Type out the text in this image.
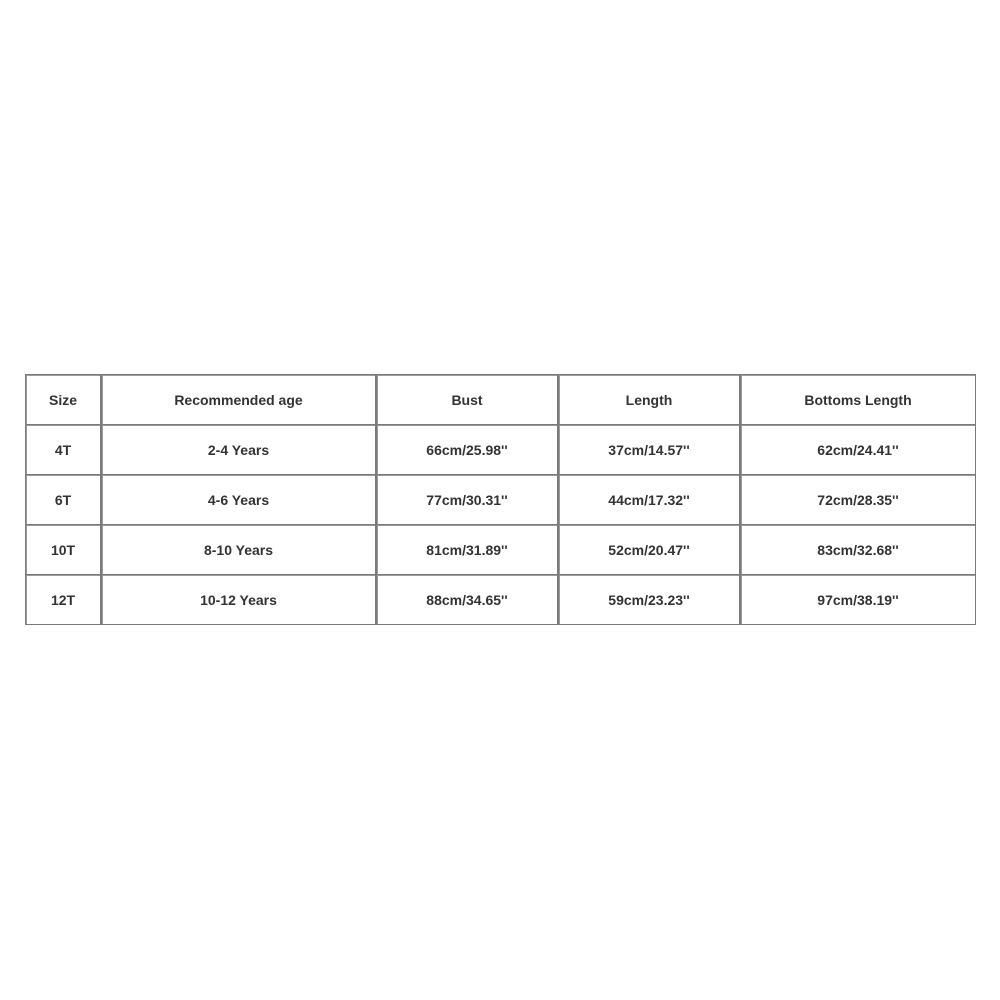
Size	Recommended age	Bust	Length	Bottoms Length
4T	2-4 Years	66cm/25.98''	37cm/14.57''	62cm/24.41''
6T	4-6 Years	77cm/30.31''	44cm/17.32''	72cm/28.35''
10T	8-10 Years	81cm/31.89''	52cm/20.47''	83cm/32.68''
12T	10-12 Years	88cm/34.65''	59cm/23.23''	97cm/38.19''
